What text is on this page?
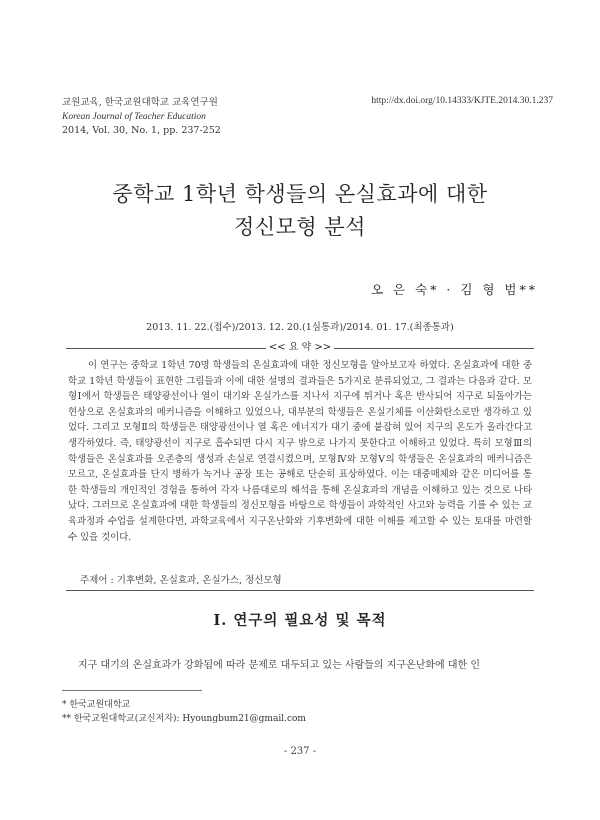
교원교육, 한국교원대학교 교육연구원
Korean Journal of Teacher Education
2014, Vol. 30, No. 1, pp. 237-252
http://dx.doi.org/10.14333/KJTE.2014.30.1.237
중학교 1학년 학생들의 온실효과에 대한
정신모형 분석
오 은 숙* · 김 형 범**
2013. 11. 22.(접수)/2013. 12. 20.(1심통과)/2014. 01. 17.(최종통과)
<< 요 약 >>
이 연구는 중학교 1학년 70명 학생들의 온실효과에 대한 정신모형을 알아보고자 하였다. 온실효과에 대한 중학교 1학년 학생들이 표현한 그림들과 이에 대한 설명의 결과들은 5가지로 분류되었고, 그 결과는 다음과 같다. 모형Ⅰ에서 학생들은 태양광선이나 열이 대기와 온실가스를 지나서 지구에 튀거나 혹은 반사되어 지구로 되돌아가는 현상으로 온실효과의 메커니즘을 이해하고 있었으나, 대부분의 학생들은 온실기체를 이산화탄소로만 생각하고 있었다. 그리고 모형Ⅱ의 학생들은 태양광선이나 열 혹은 에너지가 대기 중에 붙잡혀 있어 지구의 온도가 올라간다고 생각하였다. 즉, 태양광선이 지구로 흡수되면 다시 지구 밖으로 나가지 못한다고 이해하고 있었다. 특히 모형Ⅲ의 학생들은 온실효과를 오존층의 생성과 손실로 연결시켰으며, 모형Ⅳ와 모형Ⅴ의 학생들은 온실효과의 메커니즘은 모르고, 온실효과를 단지 병하가 녹거나 공장 또는 공해로 단순히 표상하였다. 이는 대중매체와 같은 미디어를 통한 학생들의 개인적인 경험을 통하여 각자 나름대로의 해석을 통해 온실효과의 개념을 이해하고 있는 것으로 나타났다. 그러므로 온실효과에 대한 학생들의 정신모형을 바탕으로 학생들이 과학적인 사고와 능력을 기를 수 있는 교육과정과 수업을 설계한다면, 과학교육에서 지구온난화와 기후변화에 대한 이해를 제고할 수 있는 토대를 마련할 수 있을 것이다.
주제어 : 기후변화, 온실효과, 온실가스, 정신모형
Ⅰ. 연구의 필요성 및 목적
지구 대기의 온실효과가 강화됨에 따라 문제로 대두되고 있는 사람들의 지구온난화에 대한 인
* 한국교원대학교
** 한국교원대학교(교신저자): Hyoungbum21@gmail.com
- 237 -
